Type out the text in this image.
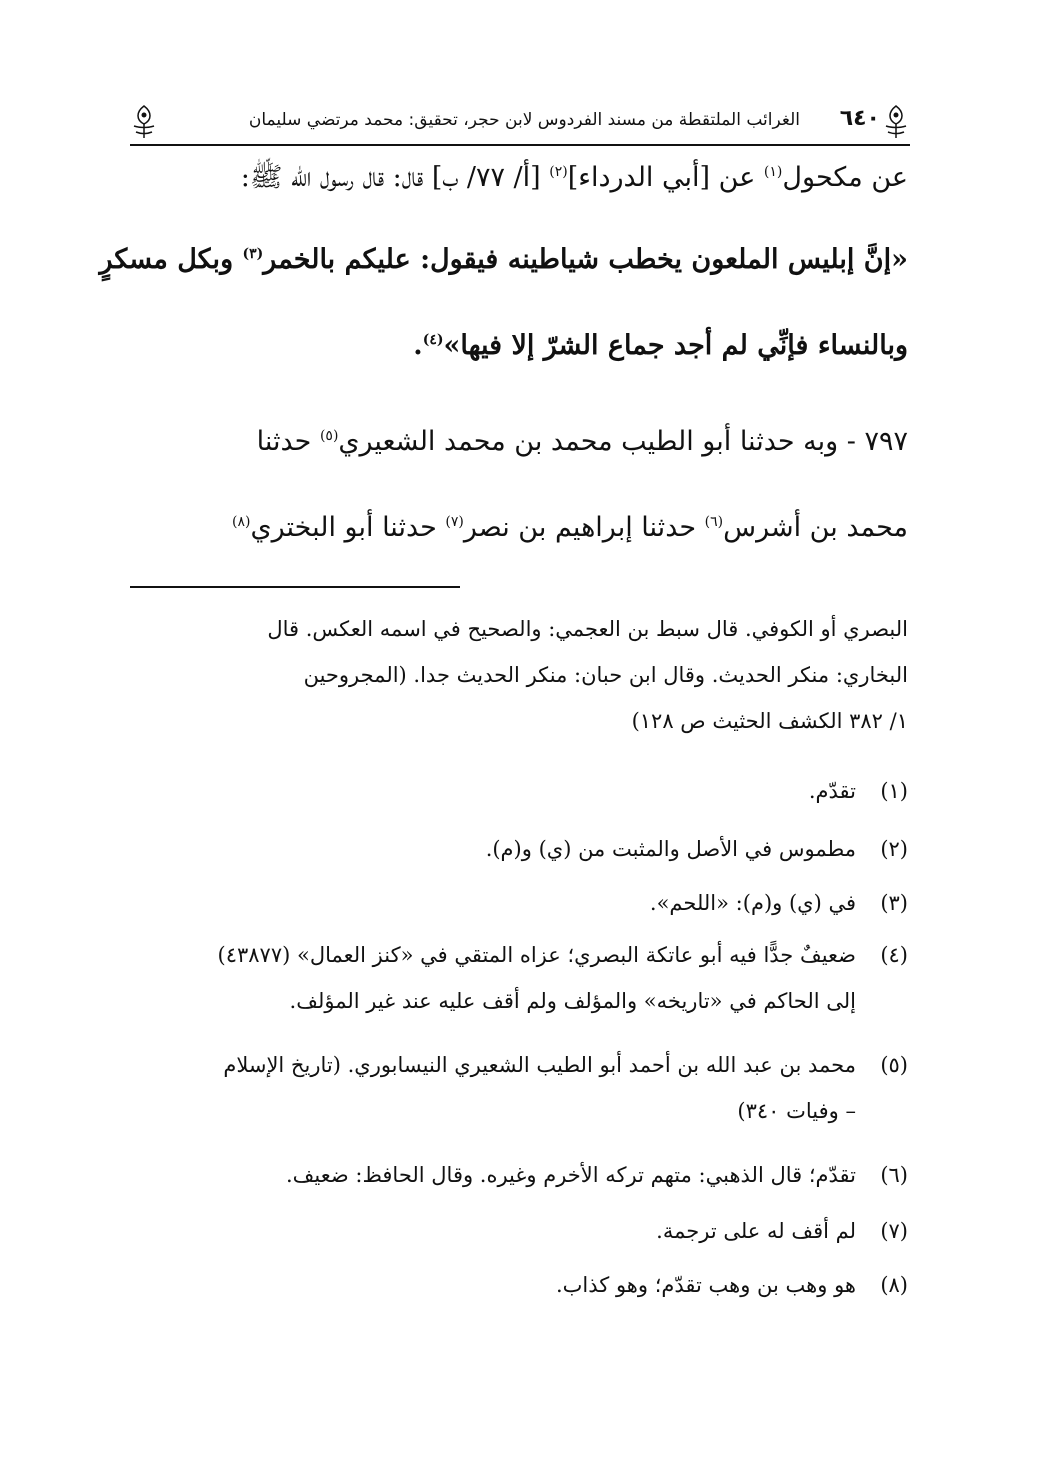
٦٤٠
الغرائب الملتقطة من مسند الفردوس لابن حجر، تحقيق: محمد مرتضي سليمان
عن مكحول$^{(١)}$ عن [أبي الدرداء]$^{(٢)}$ [أ/ ٧٧/ ب] قال: قال رسول الله ﷺ:
«إنَّ إبليس الملعون يخطب شياطينه فيقول: عليكم بالخمر$^{(٣)}$ وبكل مسكرٍ
وبالنساء فإنِّي لم أجد جماع الشرّ إلا فيها»$^{(٤)}$.
٧٩٧ - وبه حدثنا أبو الطيب محمد بن محمد الشعيري$^{(٥)}$ حدثنا
محمد بن أشرس$^{(٦)}$ حدثنا إبراهيم بن نصر$^{(٧)}$ حدثنا أبو البختري$^{(٨)}$
البصري أو الكوفي. قال سبط بن العجمي: والصحيح في اسمه العكس. قال
البخاري: منكر الحديث. وقال ابن حبان: منكر الحديث جدا. (المجروحين
١/ ٣٨٢ الكشف الحثيث ص ١٢٨)
(١)تقدّم.
(٢)مطموس في الأصل والمثبت من (ي) و(م).
(٣)في (ي) و(م): «اللحم».
(٤)ضعيفٌ جدًّا فيه أبو عاتكة البصري؛ عزاه المتقي في «كنز العمال» (٤٣٨٧٧)
إلى الحاكم في «تاريخه» والمؤلف ولم أقف عليه عند غير المؤلف.
(٥)محمد بن عبد الله بن أحمد أبو الطيب الشعيري النيسابوري. (تاريخ الإسلام
– وفيات ٣٤٠)
(٦)تقدّم؛ قال الذهبي: متهم تركه الأخرم وغيره. وقال الحافظ: ضعيف.
(٧)لم أقف له على ترجمة.
(٨)هو وهب بن وهب تقدّم؛ وهو كذاب.
